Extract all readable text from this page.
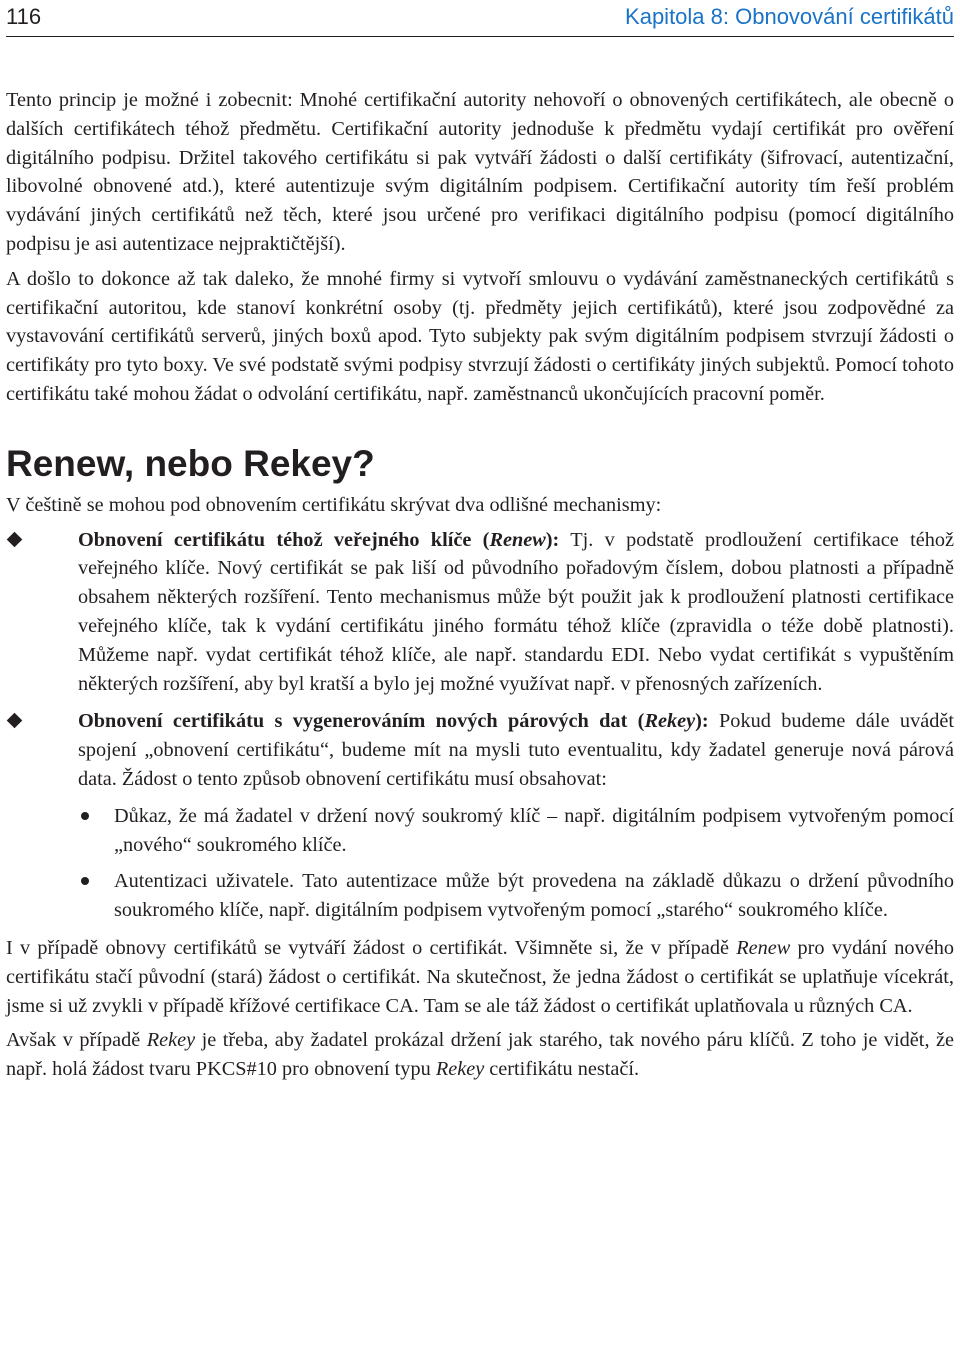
116	Kapitola 8: Obnovování certifikátů

Tento princip je možné i zobecnit: Mnohé certifikační autority nehovoří o obnovených certifikátech, ale obecně o dalších certifikátech téhož předmětu. Certifikační autority jednoduše k předmětu vydají certifikát pro ověření digitálního podpisu. Držitel takového certifikátu si pak vytváří žádosti o další certifikáty (šifrovací, autentizační, libovolné obnovené atd.), které autentizuje svým digitálním podpisem. Certifikační autority tím řeší problém vydávání jiných certifikátů než těch, které jsou určené pro verifikaci digitálního podpisu (pomocí digitálního podpisu je asi autentizace nejpraktičtější).

A došlo to dokonce až tak daleko, že mnohé firmy si vytvoří smlouvu o vydávání zaměstnaneckých certifikátů s certifikační autoritou, kde stanoví konkrétní osoby (tj. předměty jejich certifikátů), které jsou zodpovědné za vystavování certifikátů serverů, jiných boxů apod. Tyto subjekty pak svým digitálním podpisem stvrzují žádosti o certifikáty pro tyto boxy. Ve své podstatě svými podpisy stvrzují žádosti o certifikáty jiných subjektů. Pomocí tohoto certifikátu také mohou žádat o odvolání certifikátu, např. zaměstnanců ukončujících pracovní poměr.

Renew, nebo Rekey?

V češtině se mohou pod obnovením certifikátu skrývat dva odlišné mechanismy:

Obnovení certifikátu téhož veřejného klíče (Renew): Tj. v podstatě prodloužení certifikace téhož veřejného klíče. Nový certifikát se pak liší od původního pořadovým číslem, dobou platnosti a případně obsahem některých rozšíření. Tento mechanismus může být použit jak k prodloužení platnosti certifikace veřejného klíče, tak k vydání certifikátu jiného formátu téhož klíče (zpravidla o téže době platnosti). Můžeme např. vydat certifikát téhož klíče, ale např. standardu EDI. Nebo vydat certifikát s vypuštěním některých rozšíření, aby byl kratší a bylo jej možné využívat např. v přenosných zařízeních.
Obnovení certifikátu s vygenerováním nových párových dat (Rekey): Pokud budeme dále uvádět spojení „obnovení certifikátu“, budeme mít na mysli tuto eventualitu, kdy žadatel generuje nová párová data. Žádost o tento způsob obnovení certifikátu musí obsahovat:
Důkaz, že má žadatel v držení nový soukromý klíč – např. digitálním podpisem vytvořeným pomocí „nového“ soukromého klíče.
Autentizaci uživatele. Tato autentizace může být provedena na základě důkazu o držení původního soukromého klíče, např. digitálním podpisem vytvořeným pomocí „starého“ soukromého klíče.

I v případě obnovy certifikátů se vytváří žádost o certifikát. Všimněte si, že v případě Renew pro vydání nového certifikátu stačí původní (stará) žádost o certifikát. Na skutečnost, že jedna žádost o certifikát se uplatňuje vícekrát, jsme si už zvykli v případě křížové certifikace CA. Tam se ale táž žádost o certifikát uplatňovala u různých CA.

Avšak v případě Rekey je třeba, aby žadatel prokázal držení jak starého, tak nového páru klíčů. Z toho je vidět, že např. holá žádost tvaru PKCS#10 pro obnovení typu Rekey certifikátu nestačí.
